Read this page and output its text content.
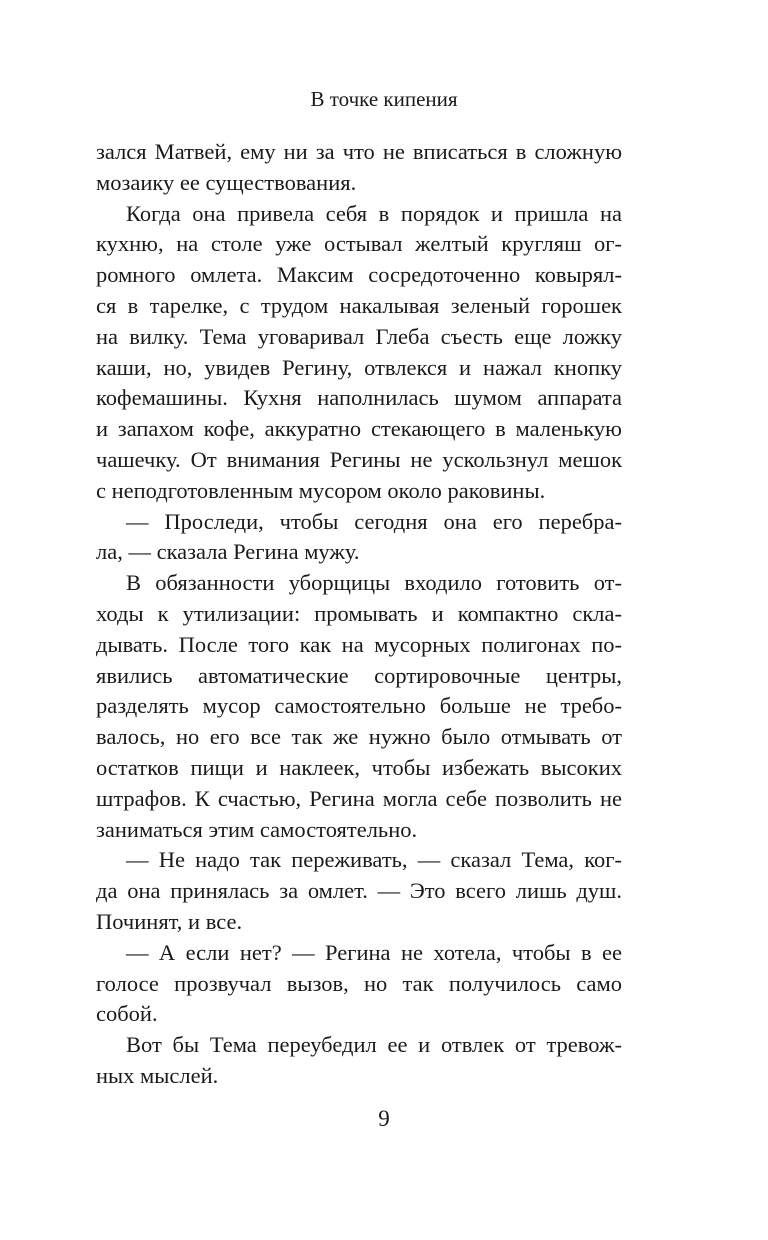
В точке кипения
зался Матвей, ему ни за что не вписаться в сложную
мозаику ее существования.
Когда она привела себя в порядок и пришла на
кухню, на столе уже остывал желтый кругляш ог-
ромного омлета. Максим сосредоточенно ковырял-
ся в тарелке, с трудом накалывая зеленый горошек
на вилку. Тема уговаривал Глеба съесть еще ложку
каши, но, увидев Регину, отвлекся и нажал кнопку
кофемашины. Кухня наполнилась шумом аппарата
и запахом кофе, аккуратно стекающего в маленькую
чашечку. От внимания Регины не ускользнул мешок
с неподготовленным мусором около раковины.
— Проследи, чтобы сегодня она его перебра-
ла, — сказала Регина мужу.
В обязанности уборщицы входило готовить от-
ходы к утилизации: промывать и компактно скла-
дывать. После того как на мусорных полигонах по-
явились автоматические сортировочные центры,
разделять мусор самостоятельно больше не требо-
валось, но его все так же нужно было отмывать от
остатков пищи и наклеек, чтобы избежать высоких
штрафов. К счастью, Регина могла себе позволить не
заниматься этим самостоятельно.
— Не надо так переживать, — сказал Тема, ког-
да она принялась за омлет. — Это всего лишь душ.
Починят, и все.
— А если нет? — Регина не хотела, чтобы в ее
голосе прозвучал вызов, но так получилось само
собой.
Вот бы Тема переубедил ее и отвлек от тревож-
ных мыслей.
9
